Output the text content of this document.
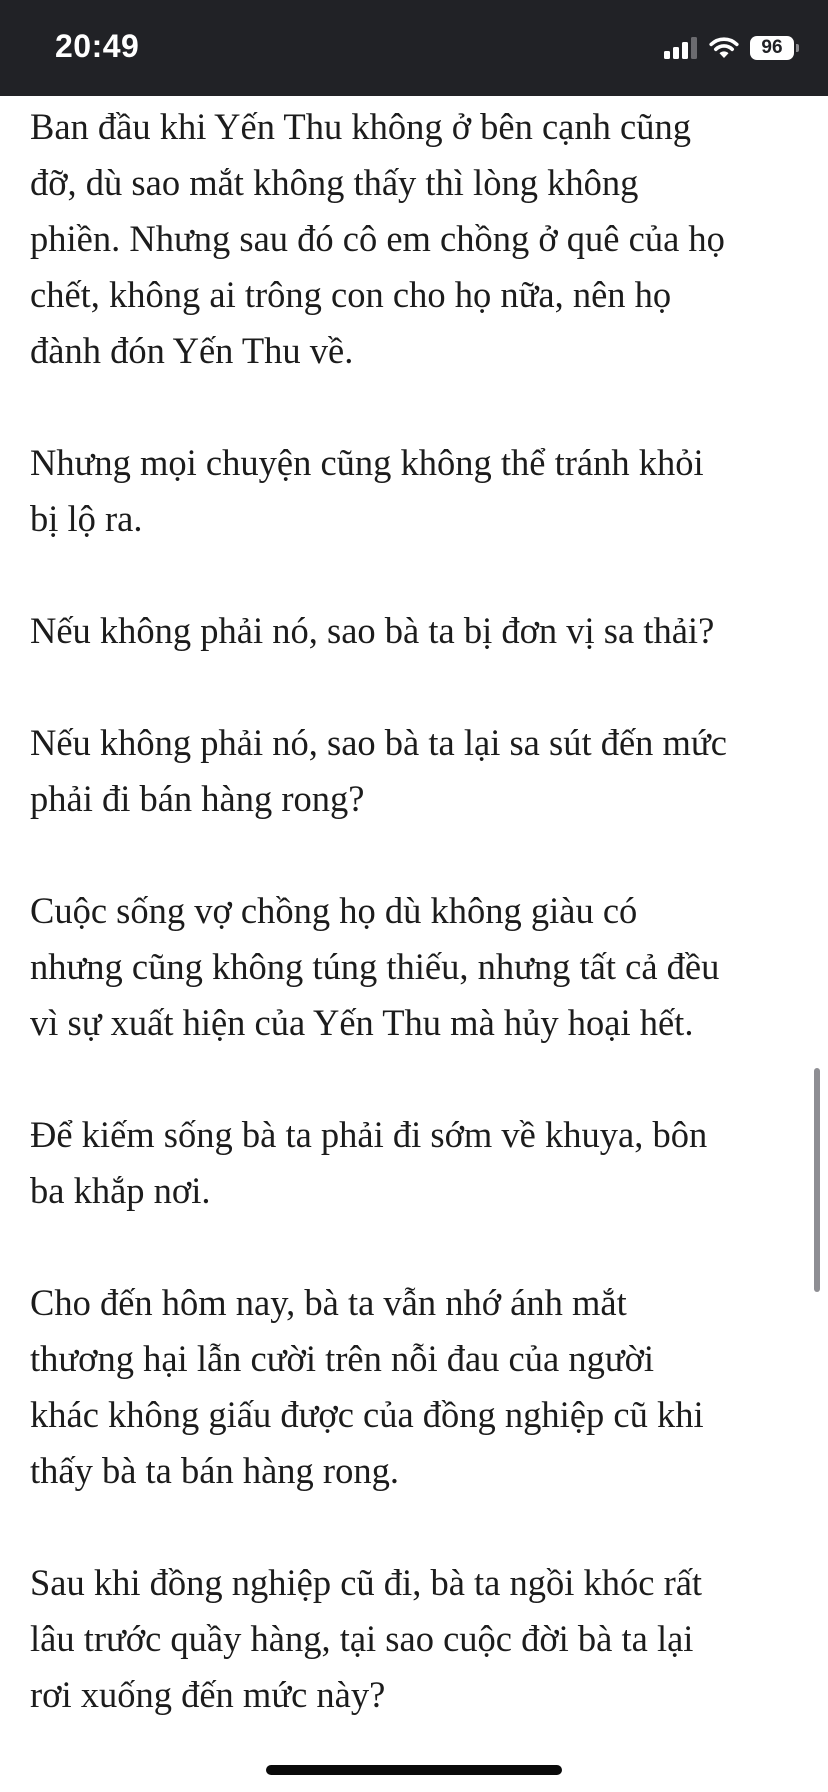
20:49	96

Ban đầu khi Yến Thu không ở bên cạnh cũng
đỡ, dù sao mắt không thấy thì lòng không
phiền. Nhưng sau đó cô em chồng ở quê của họ
chết, không ai trông con cho họ nữa, nên họ
đành đón Yến Thu về.

Nhưng mọi chuyện cũng không thể tránh khỏi
bị lộ ra.

Nếu không phải nó, sao bà ta bị đơn vị sa thải?

Nếu không phải nó, sao bà ta lại sa sút đến mức
phải đi bán hàng rong?

Cuộc sống vợ chồng họ dù không giàu có
nhưng cũng không túng thiếu, nhưng tất cả đều
vì sự xuất hiện của Yến Thu mà hủy hoại hết.

Để kiếm sống bà ta phải đi sớm về khuya, bôn
ba khắp nơi.

Cho đến hôm nay, bà ta vẫn nhớ ánh mắt
thương hại lẫn cười trên nỗi đau của người
khác không giấu được của đồng nghiệp cũ khi
thấy bà ta bán hàng rong.

Sau khi đồng nghiệp cũ đi, bà ta ngồi khóc rất
lâu trước quầy hàng, tại sao cuộc đời bà ta lại
rơi xuống đến mức này?
